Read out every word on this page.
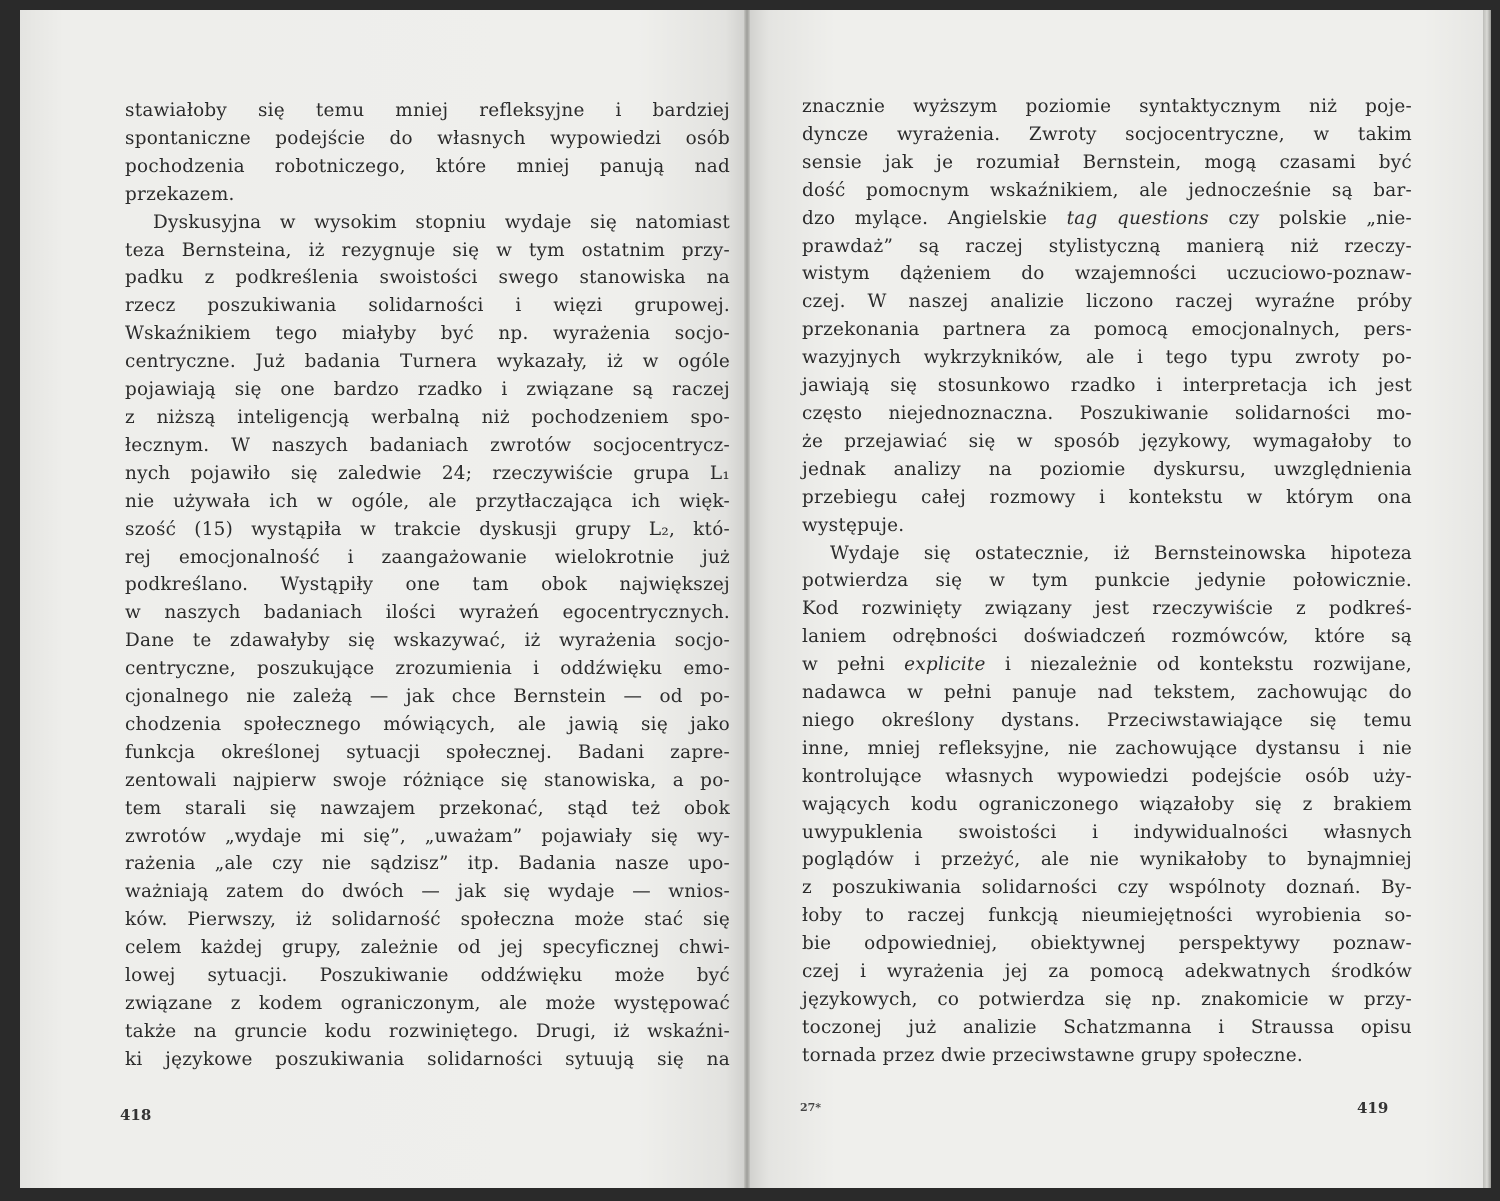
stawiałoby się temu mniej refleksyjne i bardziej

spontaniczne podejście do własnych wypowiedzi osób

pochodzenia robotniczego, które mniej panują nad

przekazem.

Dyskusyjna w wysokim stopniu wydaje się natomiast

teza Bernsteina, iż rezygnuje się w tym ostatnim przy-

padku z podkreślenia swoistości swego stanowiska na

rzecz poszukiwania solidarności i więzi grupowej.

Wskaźnikiem tego miałyby być np. wyrażenia socjo-

centryczne. Już badania Turnera wykazały, iż w ogóle

pojawiają się one bardzo rzadko i związane są raczej

z niższą inteligencją werbalną niż pochodzeniem spo-

łecznym. W naszych badaniach zwrotów socjocentrycz-

nych pojawiło się zaledwie 24; rzeczywiście grupa L₁

nie używała ich w ogóle, ale przytłaczająca ich więk-

szość (15) wystąpiła w trakcie dyskusji grupy L₂, któ-

rej emocjonalność i zaangażowanie wielokrotnie już

podkreślano. Wystąpiły one tam obok największej

w naszych badaniach ilości wyrażeń egocentrycznych.

Dane te zdawałyby się wskazywać, iż wyrażenia socjo-

centryczne, poszukujące zrozumienia i oddźwięku emo-

cjonalnego nie zależą — jak chce Bernstein — od po-

chodzenia społecznego mówiących, ale jawią się jako

funkcja określonej sytuacji społecznej. Badani zapre-

zentowali najpierw swoje różniące się stanowiska, a po-

tem starali się nawzajem przekonać, stąd też obok

zwrotów „wydaje mi się”, „uważam” pojawiały się wy-

rażenia „ale czy nie sądzisz” itp. Badania nasze upo-

ważniają zatem do dwóch — jak się wydaje — wnios-

ków. Pierwszy, iż solidarność społeczna może stać się

celem każdej grupy, zależnie od jej specyficznej chwi-

lowej sytuacji. Poszukiwanie oddźwięku może być

związane z kodem ograniczonym, ale może występować

także na gruncie kodu rozwiniętego. Drugi, iż wskaźni-

ki językowe poszukiwania solidarności sytuują się na

418

znacznie wyższym poziomie syntaktycznym niż poje-

dyncze wyrażenia. Zwroty socjocentryczne, w takim

sensie jak je rozumiał Bernstein, mogą czasami być

dość pomocnym wskaźnikiem, ale jednocześnie są bar-

dzo mylące. Angielskie tag questions czy polskie „nie-

prawdaż” są raczej stylistyczną manierą niż rzeczy-

wistym dążeniem do wzajemności uczuciowo-poznaw-

czej. W naszej analizie liczono raczej wyraźne próby

przekonania partnera za pomocą emocjonalnych, pers-

wazyjnych wykrzykników, ale i tego typu zwroty po-

jawiają się stosunkowo rzadko i interpretacja ich jest

często niejednoznaczna. Poszukiwanie solidarności mo-

że przejawiać się w sposób językowy, wymagałoby to

jednak analizy na poziomie dyskursu, uwzględnienia

przebiegu całej rozmowy i kontekstu w którym ona

występuje.

Wydaje się ostatecznie, iż Bernsteinowska hipoteza

potwierdza się w tym punkcie jedynie połowicznie.

Kod rozwinięty związany jest rzeczywiście z podkreś-

laniem odrębności doświadczeń rozmówców, które są

w pełni explicite i niezależnie od kontekstu rozwijane,

nadawca w pełni panuje nad tekstem, zachowując do

niego określony dystans. Przeciwstawiające się temu

inne, mniej refleksyjne, nie zachowujące dystansu i nie

kontrolujące własnych wypowiedzi podejście osób uży-

wających kodu ograniczonego wiązałoby się z brakiem

uwypuklenia swoistości i indywidualności własnych

poglądów i przeżyć, ale nie wynikałoby to bynajmniej

z poszukiwania solidarności czy wspólnoty doznań. By-

łoby to raczej funkcją nieumiejętności wyrobienia so-

bie odpowiedniej, obiektywnej perspektywy poznaw-

czej i wyrażenia jej za pomocą adekwatnych środków

językowych, co potwierdza się np. znakomicie w przy-

toczonej już analizie Schatzmanna i Straussa opisu

tornada przez dwie przeciwstawne grupy społeczne.

27*	419
